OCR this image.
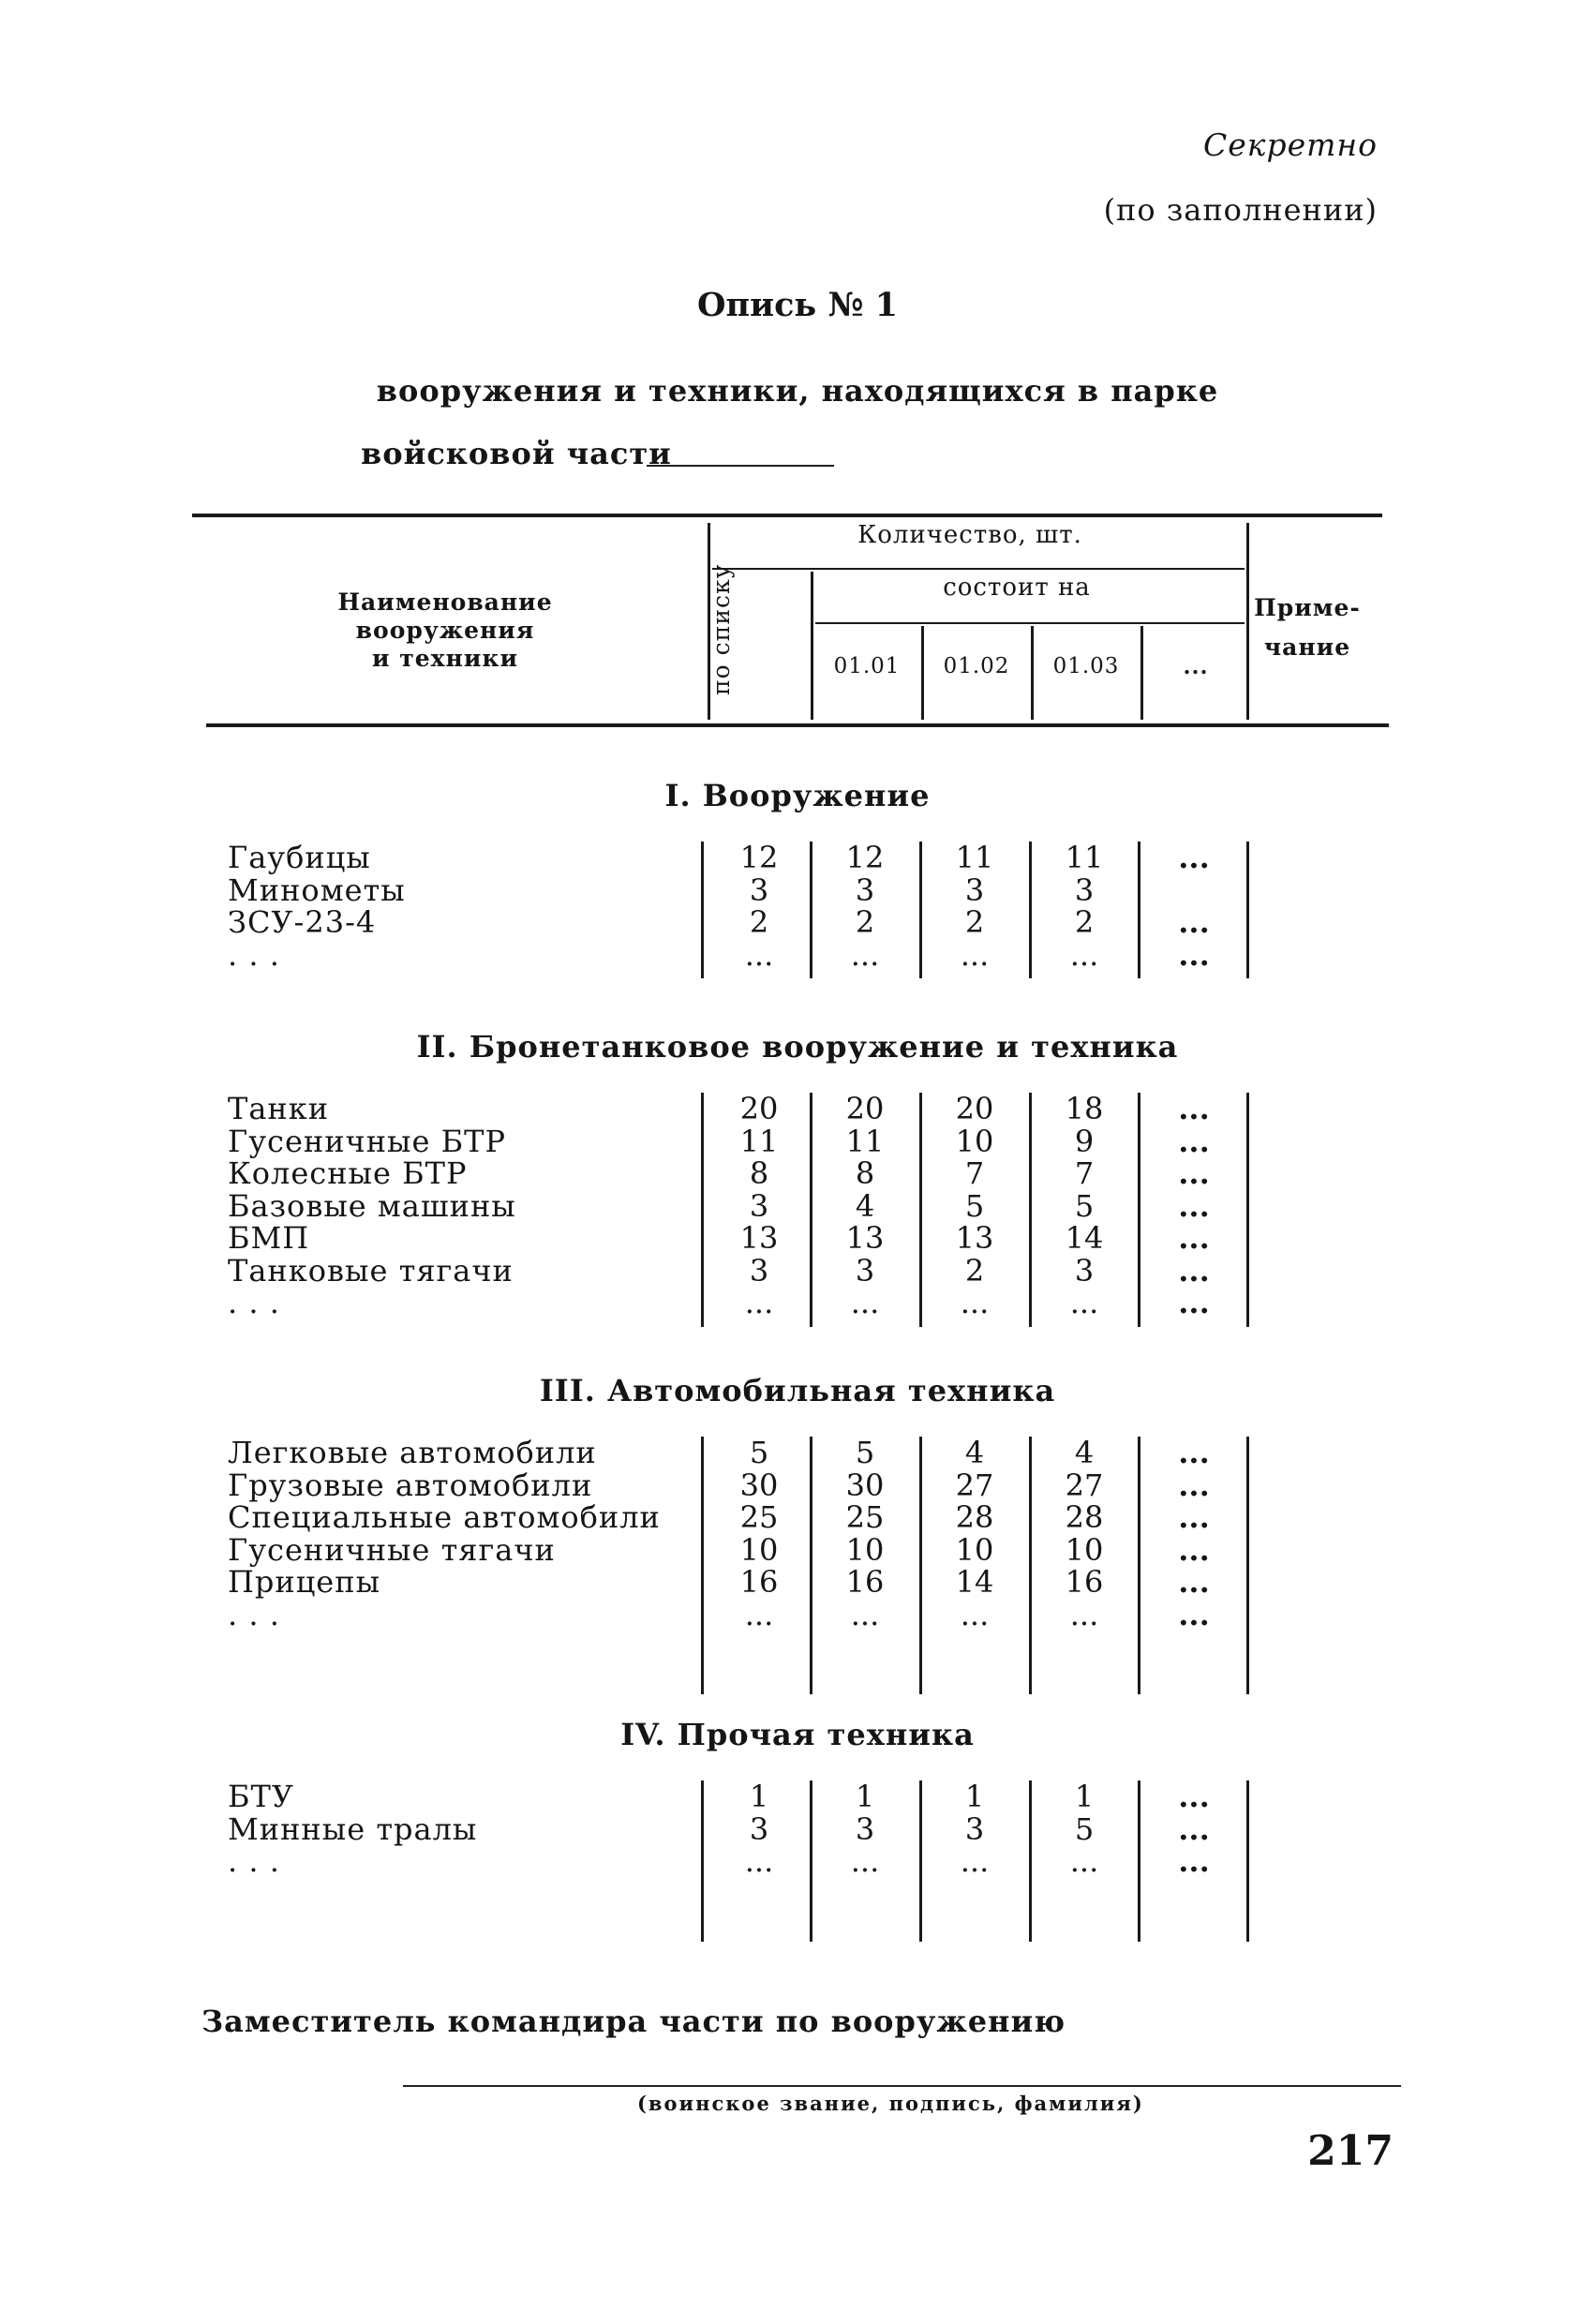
Секретно
(по заполнении)
Опись № 1
вооружения и техники, находящихся в парке
войсковой части
Наименование вооружения
и техники
Количество, шт.
по списку	состоит на
01.01	01.02	01.03	...
Приме-
чание
I. Вооружение
Гаубицы	12	12	11	11	...
Минометы	3	3	3	3
ЗСУ-23-4	2	2	2	2	...
. . .	...	...	...	...	...
II. Бронетанковое вооружение и техника
Танки	20	20	20	18	...
Гусеничные БТР	11	11	10	9	...
Колесные БТР	8	8	7	7	...
Базовые машины	3	4	5	5	...
БМП	13	13	13	14	...
Танковые тягачи	3	3	2	3	...
. . .	...	...	...	...	...
III. Автомобильная техника
Легковые автомобили	5	5	4	4	...
Грузовые автомобили	30	30	27	27	...
Специальные автомобили	25	25	28	28	...
Гусеничные тягачи	10	10	10	10	...
Прицепы	16	16	14	16	...
. . .	...	...	...	...	...
IV. Прочая техника
БТУ	1	1	1	1	...
Минные тралы	3	3	3	5	...
. . .	...	...	...	...	...
Заместитель командира части по вооружению
(воинское звание, подпись, фамилия)
217
